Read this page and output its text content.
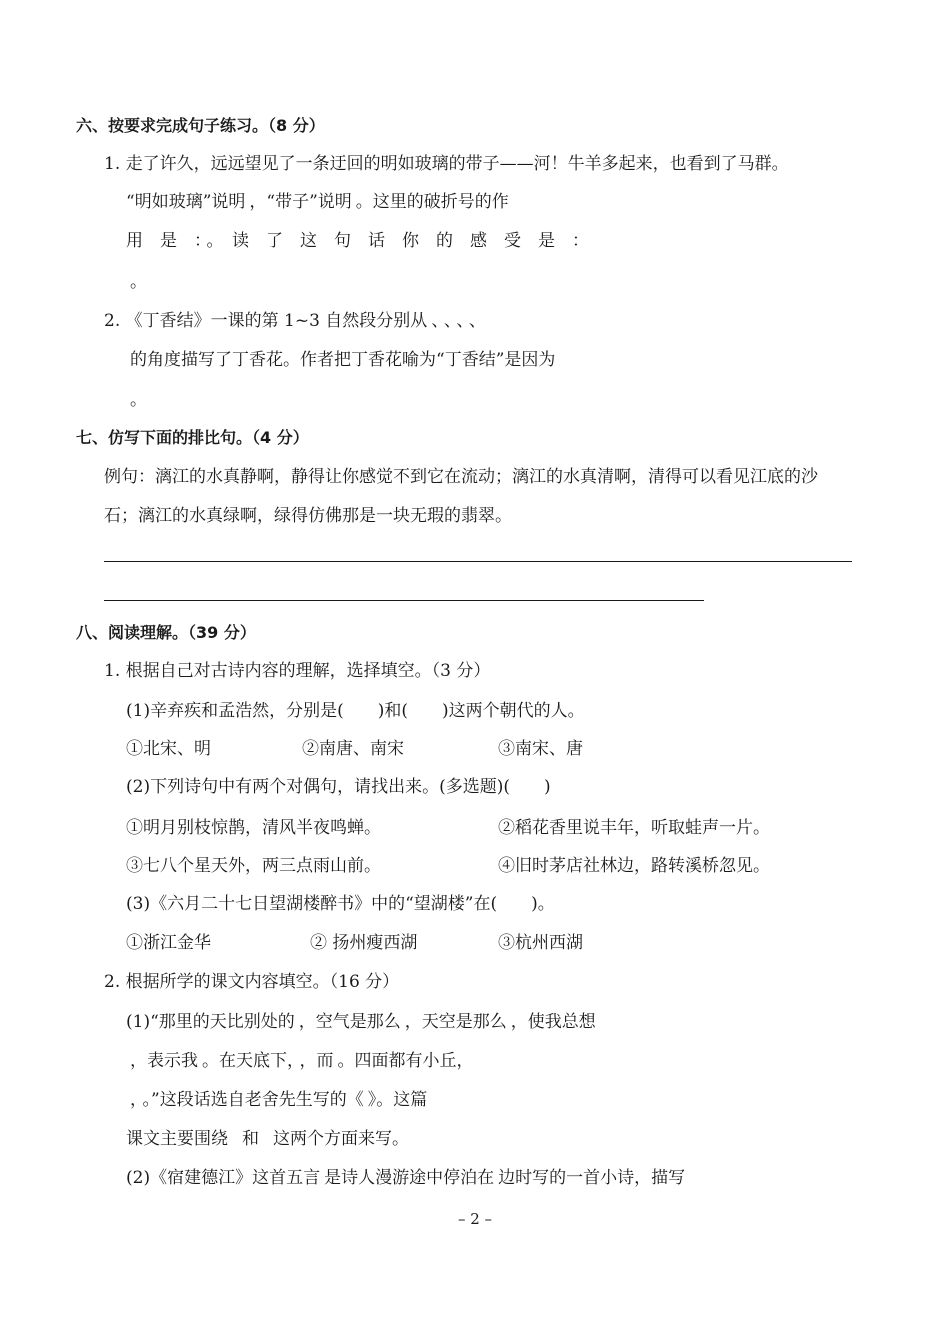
六、按要求完成句子练习。（8 分）
1. 走了许久，远远望见了一条迂回的明如玻璃的带子——河！牛羊多起来，也看到了马群。
“明如玻璃”说明 ，“带子”说明 。这里的破折号的作
用　是　： 。　读　了　这　句　话　你　的　感　受　是　：
。
2. 《丁香结》一课的第 1~3 自然段分别从 、 、 、 、
的角度描写了丁香花。作者把丁香花喻为“丁香结”是因为
。
七、仿写下面的排比句。（4 分）
例句：漓江的水真静啊，静得让你感觉不到它在流动；漓江的水真清啊，清得可以看见江底的沙
石；漓江的水真绿啊，绿得仿佛那是一块无瑕的翡翠。
八、阅读理解。（39 分）
1. 根据自己对古诗内容的理解，选择填空。（3 分）
(1)辛弃疾和孟浩然，分别是(　　)和(　　)这两个朝代的人。
①北宋、明	②南唐、南宋	③南宋、唐
(2)下列诗句中有两个对偶句，请找出来。(多选题)(　　)
①明月别枝惊鹊，清风半夜鸣蝉。	②稻花香里说丰年，听取蛙声一片。
③七八个星天外，两三点雨山前。	④旧时茅店社林边，路转溪桥忽见。
(3)《六月二十七日望湖楼醉书》中的“望湖楼”在(　　)。
①浙江金华	② 扬州瘦西湖	③杭州西湖
2. 根据所学的课文内容填空。（16 分）
(1)“那里的天比别处的 ，空气是那么 ，天空是那么 ，使我总想
，表示我 。在天底下， ，而 。四面都有小丘，
， 。”这段话选自老舍先生写的《 》。这篇
课文主要围绕 和 这两个方面来写。
(2)《宿建德江》这首五言 是诗人漫游途中停泊在 边时写的一首小诗，描写
– 2 –
